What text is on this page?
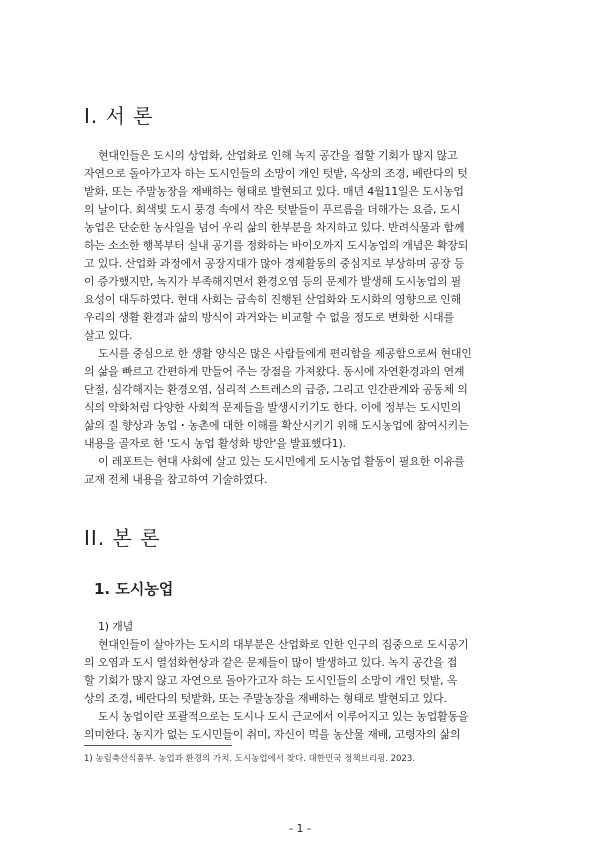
I. 서 론
현대인들은 도시의 상업화, 산업화로 인해 녹지 공간을 접할 기회가 많지 않고
자연으로 돌아가고자 하는 도시인들의 소망이 개인 텃밭, 옥상의 조경, 베란다의 텃
밭화, 또는 주말농장을 재배하는 형태로 발현되고 있다. 매년 4월11일은 도시농업
의 날이다. 회색빛 도시 풍경 속에서 작은 텃밭들이 푸르름을 더해가는 요즘, 도시
농업은 단순한 농사일을 넘어 우리 삶의 한부분을 차지하고 있다. 반려식물과 함께
하는 소소한 행복부터 실내 공기를 정화하는 바이오까지 도시농업의 개념은 확장되
고 있다. 산업화 과정에서 공장지대가 많아 경제활동의 중심지로 부상하며 공장 등
이 증가했지만, 녹지가 부족해지면서 환경오염 등의 문제가 발생해 도시농업의 필
요성이 대두하였다. 현대 사회는 급속히 진행된 산업화와 도시화의 영향으로 인해
우리의 생활 환경과 삶의 방식이 과거와는 비교할 수 없을 정도로 변화한 시대를
살고 있다.
도시를 중심으로 한 생활 양식은 많은 사람들에게 편리함을 제공함으로써 현대인
의 삶을 빠르고 간편하게 만들어 주는 장점을 가져왔다. 동시에 자연환경과의 연계
단절, 심각해지는 환경오염, 심리적 스트레스의 급증, 그리고 인간관계와 공동체 의
식의 약화처럼 다양한 사회적 문제들을 발생시키기도 한다. 이에 정부는 도시민의
삶의 질 향상과 농업・농촌에 대한 이해를 확산시키기 위해 도시농업에 참여시키는
내용을 골자로 한 '도시 농업 활성화 방안'을 발표했다1).
이 레포트는 현대 사회에 살고 있는 도시민에게 도시농업 활동이 필요한 이유를
교재 전체 내용을 참고하여 기술하였다.
II. 본 론
1. 도시농업
1) 개념
현대인들이 살아가는 도시의 대부분은 산업화로 인한 인구의 집중으로 도시공기
의 오염과 도시 열섬화현상과 같은 문제들이 많이 발생하고 있다. 녹지 공간을 접
할 기회가 많지 않고 자연으로 돌아가고자 하는 도시인들의 소망이 개인 텃밭, 옥
상의 조경, 베란다의 텃밭화, 또는 주말농장을 재배하는 형태로 발현되고 있다.
도시 농업이란 포괄적으로는 도시나 도시 근교에서 이루어지고 있는 농업활동을
의미한다. 농지가 없는 도시민들이 취미, 자신이 먹을 농산물 재배, 고령자의 삶의
1) 농림축산식품부. 농업과 환경의 가치. 도시농업에서 찾다. 대한민국 정책브리핑. 2023.
- 1 -
